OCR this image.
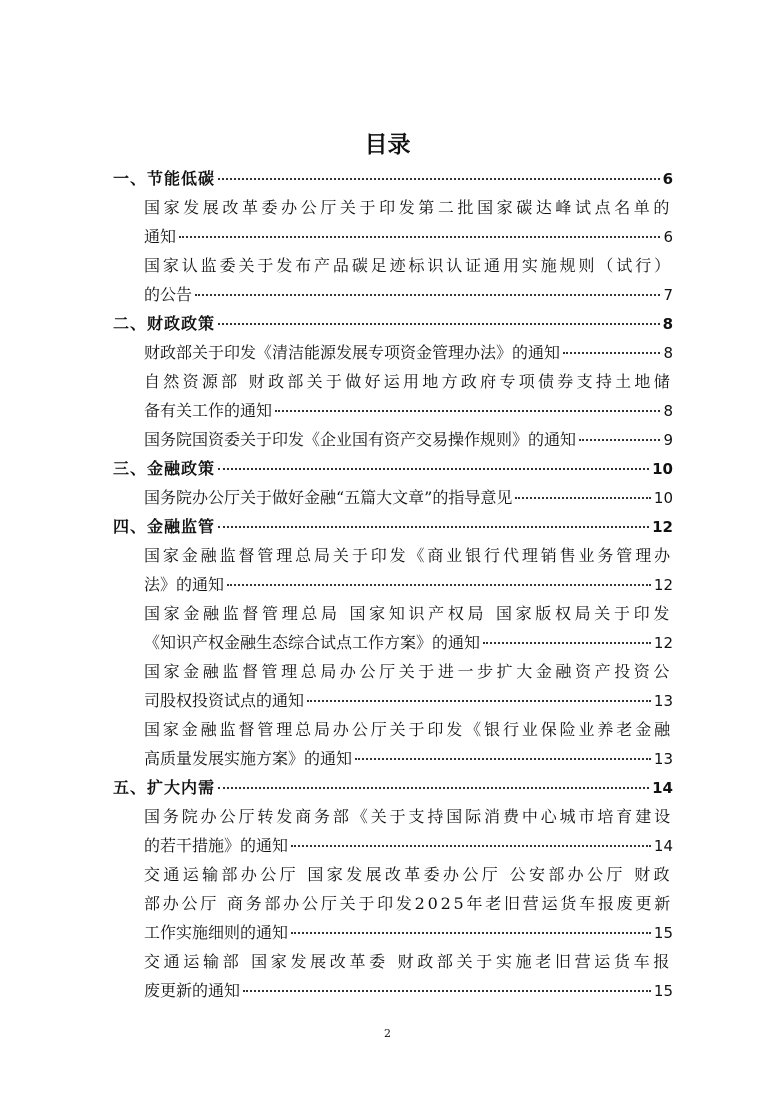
目录
一、节能低碳	6
国家发展改革委办公厅关于印发第二批国家碳达峰试点名单的
通知	6
国家认监委关于发布产品碳足迹标识认证通用实施规则（试行）
的公告	7
二、财政政策	8
财政部关于印发《清洁能源发展专项资金管理办法》的通知	8
自然资源部 财政部关于做好运用地方政府专项债券支持土地储
备有关工作的通知	8
国务院国资委关于印发《企业国有资产交易操作规则》的通知	9
三、金融政策	10
国务院办公厅关于做好金融“五篇大文章”的指导意见	10
四、金融监管	12
国家金融监督管理总局关于印发《商业银行代理销售业务管理办
法》的通知	12
国家金融监督管理总局 国家知识产权局 国家版权局关于印发
《知识产权金融生态综合试点工作方案》的通知	12
国家金融监督管理总局办公厅关于进一步扩大金融资产投资公
司股权投资试点的通知	13
国家金融监督管理总局办公厅关于印发《银行业保险业养老金融
高质量发展实施方案》的通知	13
五、扩大内需	14
国务院办公厅转发商务部《关于支持国际消费中心城市培育建设
的若干措施》的通知	14
交通运输部办公厅 国家发展改革委办公厅 公安部办公厅 财政
部办公厅 商务部办公厅关于印发2025年老旧营运货车报废更新
工作实施细则的通知	15
交通运输部 国家发展改革委 财政部关于实施老旧营运货车报
废更新的通知	15
2
